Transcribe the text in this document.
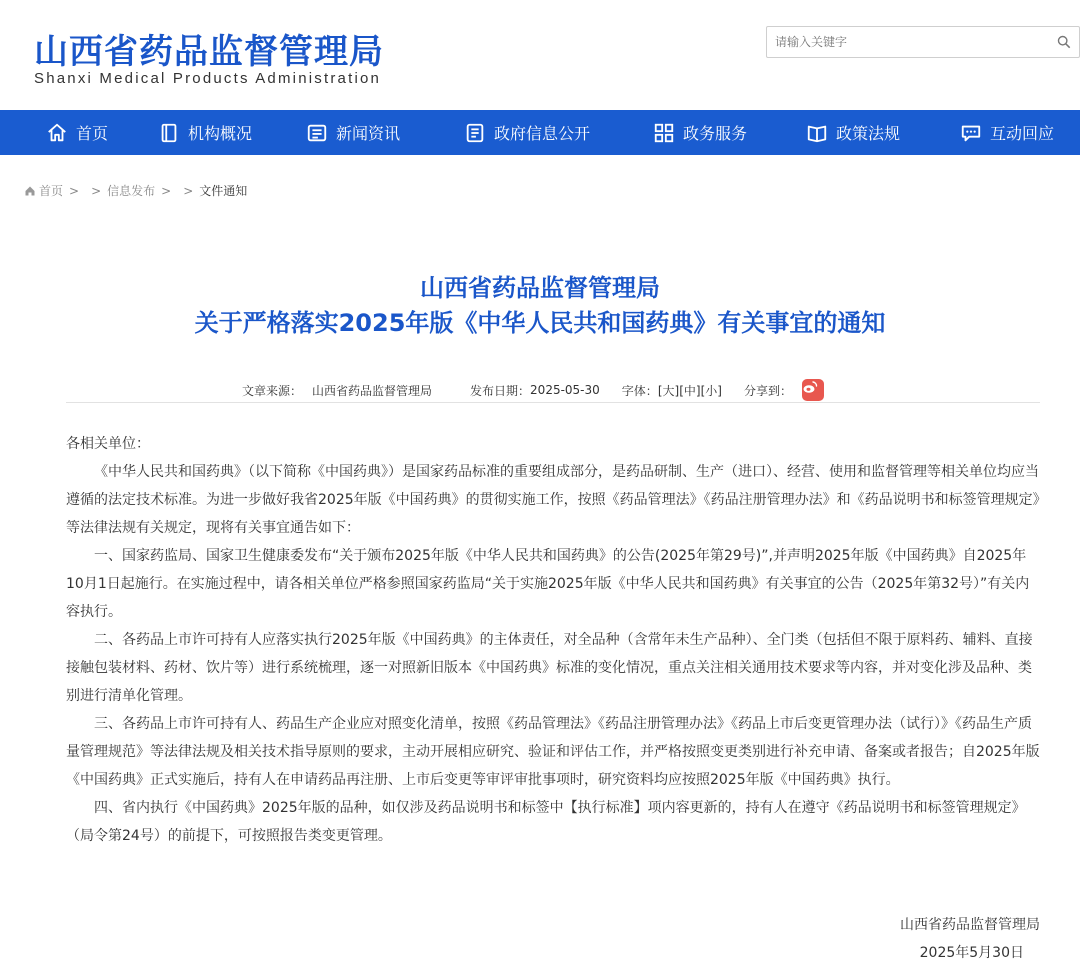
山西省药品监督管理局
Shanxi Medical Products Administration
请输入关键字
首页	机构概况	新闻资讯	政府信息公开	政务服务	政策法规	互动回应
首页 > > 信息发布 > > 文件通知
山西省药品监督管理局
关于严格落实2025年版《中华人民共和国药典》有关事宜的通知
文章来源： 山西省药品监督管理局	发布日期： 2025-05-30 字体： [大] [中] [小] 分享到：

各相关单位：

《中华人民共和国药典》（以下简称《中国药典》）是国家药品标准的重要组成部分，是药品研制、生产（进口）、经营、使用和监督管理等相关单位均应当遵循的法定技术标准。为进一步做好我省2025年版《中国药典》的贯彻实施工作，按照《药品管理法》《药品注册管理办法》和《药品说明书和标签管理规定》等法律法规有关规定，现将有关事宜通告如下：

一、国家药监局、国家卫生健康委发布“关于颁布2025年版《中华人民共和国药典》的公告(2025年第29号)”,并声明2025年版《中国药典》自2025年10月1日起施行。在实施过程中，请各相关单位严格参照国家药监局“关于实施2025年版《中华人民共和国药典》有关事宜的公告（2025年第32号）”有关内容执行。

二、各药品上市许可持有人应落实执行2025年版《中国药典》的主体责任，对全品种（含常年未生产品种）、全门类（包括但不限于原料药、辅料、直接接触包装材料、药材、饮片等）进行系统梳理，逐一对照新旧版本《中国药典》标准的变化情况，重点关注相关通用技术要求等内容，并对变化涉及品种、类别进行清单化管理。

三、各药品上市许可持有人、药品生产企业应对照变化清单，按照《药品管理法》《药品注册管理办法》《药品上市后变更管理办法（试行）》《药品生产质量管理规范》等法律法规及相关技术指导原则的要求，主动开展相应研究、验证和评估工作，并严格按照变更类别进行补充申请、备案或者报告；自2025年版《中国药典》正式实施后，持有人在申请药品再注册、上市后变更等审评审批事项时，研究资料均应按照2025年版《中国药典》执行。

四、省内执行《中国药典》2025年版的品种，如仅涉及药品说明书和标签中【执行标准】项内容更新的，持有人在遵守《药品说明书和标签管理规定》（局令第24号）的前提下，可按照报告类变更管理。

山西省药品监督管理局
2025年5月30日
